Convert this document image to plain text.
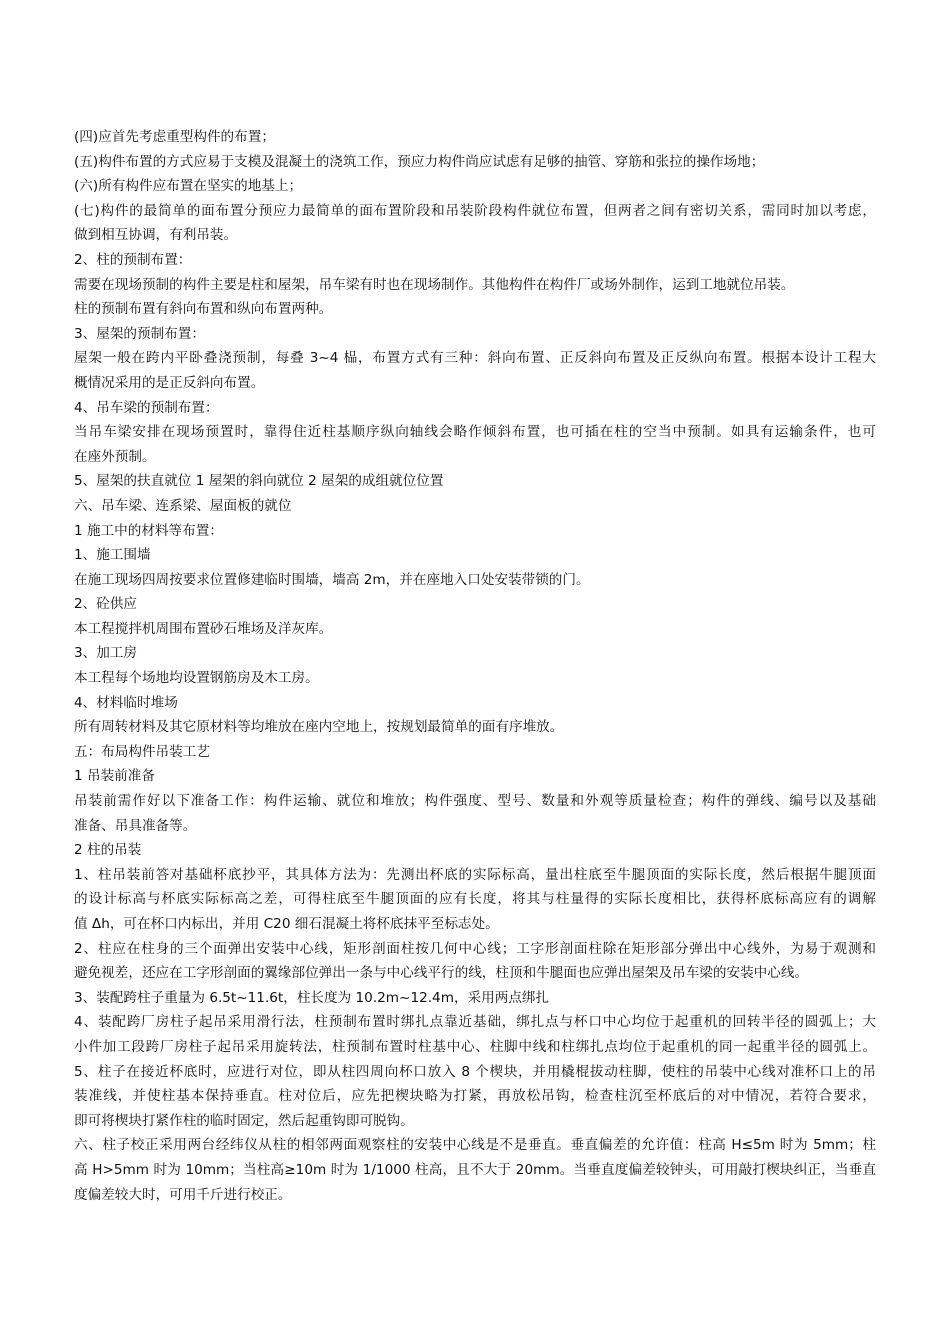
(四)应首先考虑重型构件的布置；
(五)构件布置的方式应易于支模及混凝土的浇筑工作，预应力构件尚应试虑有足够的抽管、穿筋和张拉的操作场地；
(六)所有构件应布置在坚实的地基上；
(七)构件的最简单的面布置分预应力最简单的面布置阶段和吊装阶段构件就位布置，但两者之间有密切关系，需同时加以考虑，
做到相互协调，有利吊装。
2、柱的预制布置：
需要在现场预制的构件主要是柱和屋架，吊车梁有时也在现场制作。其他构件在构件厂或场外制作，运到工地就位吊装。
柱的预制布置有斜向布置和纵向布置两种。
3、屋架的预制布置：
屋架一般在跨内平卧叠浇预制，每叠 3~4 榀，布置方式有三种：斜向布置、正反斜向布置及正反纵向布置。根据本设计工程大
概情况采用的是正反斜向布置。
4、吊车梁的预制布置：
当吊车梁安排在现场预置时，靠得住近柱基顺序纵向轴线会略作倾斜布置，也可插在柱的空当中预制。如具有运输条件，也可
在座外预制。
5、屋架的扶直就位 1 屋架的斜向就位 2 屋架的成组就位位置
六、吊车梁、连系梁、屋面板的就位
1 施工中的材料等布置：
1、施工围墙
在施工现场四周按要求位置修建临时围墙，墙高 2m，并在座地入口处安装带锁的门。
2、砼供应
本工程搅拌机周围布置砂石堆场及洋灰库。
3、加工房
本工程每个场地均设置钢筋房及木工房。
4、材料临时堆场
所有周转材料及其它原材料等均堆放在座内空地上，按规划最简单的面有序堆放。
五：布局构件吊装工艺
1 吊装前准备
吊装前需作好以下准备工作：构件运输、就位和堆放；构件强度、型号、数量和外观等质量检查；构件的弹线、编号以及基础
准备、吊具准备等。
2 柱的吊装
1、柱吊装前答对基础杯底抄平，其具体方法为：先测出杯底的实际标高，量出柱底至牛腿顶面的实际长度，然后根据牛腿顶面
的设计标高与杯底实际标高之差，可得柱底至牛腿顶面的应有长度，将其与柱量得的实际长度相比，获得杯底标高应有的调解
值 Δh，可在杯口内标出，并用 C20 细石混凝土将杯底抹平至标志处。
2、柱应在柱身的三个面弹出安装中心线，矩形剖面柱按几何中心线；工字形剖面柱除在矩形部分弹出中心线外，为易于观测和
避免视差，还应在工字形剖面的翼缘部位弹出一条与中心线平行的线，柱顶和牛腿面也应弹出屋架及吊车梁的安装中心线。
3、装配跨柱子重量为 6.5t~11.6t，柱长度为 10.2m~12.4m，采用两点绑扎
4、装配跨厂房柱子起吊采用滑行法，柱预制布置时绑扎点靠近基础，绑扎点与杯口中心均位于起重机的回转半径的圆弧上；大
小件加工段跨厂房柱子起吊采用旋转法，柱预制布置时柱基中心、柱脚中线和柱绑扎点均位于起重机的同一起重半径的圆弧上。
5、柱子在接近杯底时，应进行对位，即从柱四周向杯口放入 8 个楔块，并用橇棍拔动柱脚，使柱的吊装中心线对准杯口上的吊
装准线，并使柱基本保持垂直。柱对位后，应先把楔块略为打紧，再放松吊钩，检查柱沉至杯底后的对中情况，若符合要求，
即可将楔块打紧作柱的临时固定，然后起重钩即可脱钩。
六、柱子校正采用两台经纬仪从柱的相邻两面观察柱的安装中心线是不是垂直。垂直偏差的允许值：柱高 H≤5m 时为 5mm；柱
高 H>5mm 时为 10mm；当柱高≥10m 时为 1/1000 柱高，且不大于 20mm。当垂直度偏差较钟头，可用敲打楔块纠正，当垂直
度偏差较大时，可用千斤进行校正。
